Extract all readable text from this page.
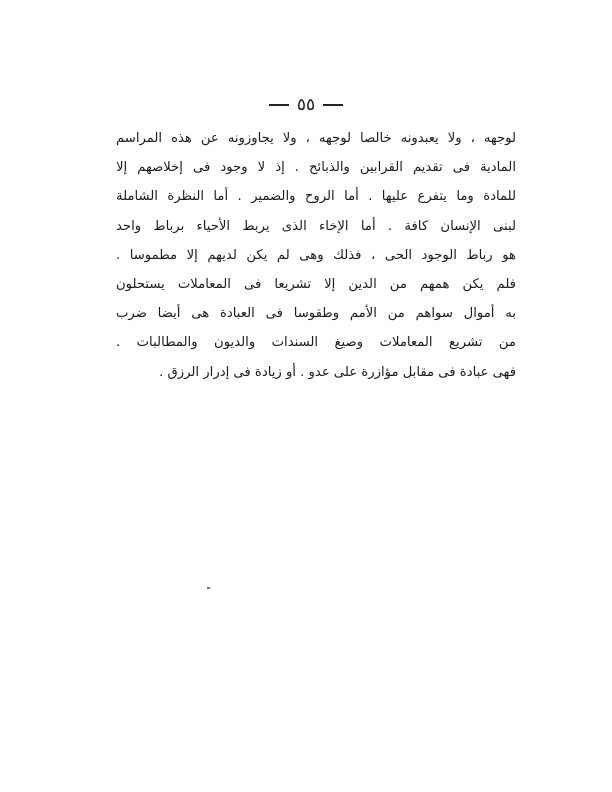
٥٥
لوجهه ، ولا يعبدونه خالصا لوجهه ، ولا يجاوزونه عن هذه المراسم
المادية فى تقديم القرابين والذبائح . إذ لا وجود فى إخلاصهم إلا
للمادة وما يتفرع عليها . أما الروح والضمير . أما النظرة الشاملة
لبنى الإنسان كافة . أما الإخاء الذى يربط الأحياء برباط واحد
هو رباط الوجود الحى ، فذلك وهى لم يكن لديهم إلا مطموسا .
فلم يكن همهم من الدين إلا تشريعا فى المعاملات يستحلون
به أموال سواهم من الأمم وطقوسا فى العبادة هى أيضا ضرب
من تشريع المعاملات وصيغ السندات والديون والمطالبات .
فهى عبادة فى مقابل مؤازرة على عدو . أو زيادة فى إدرار الرزق .
